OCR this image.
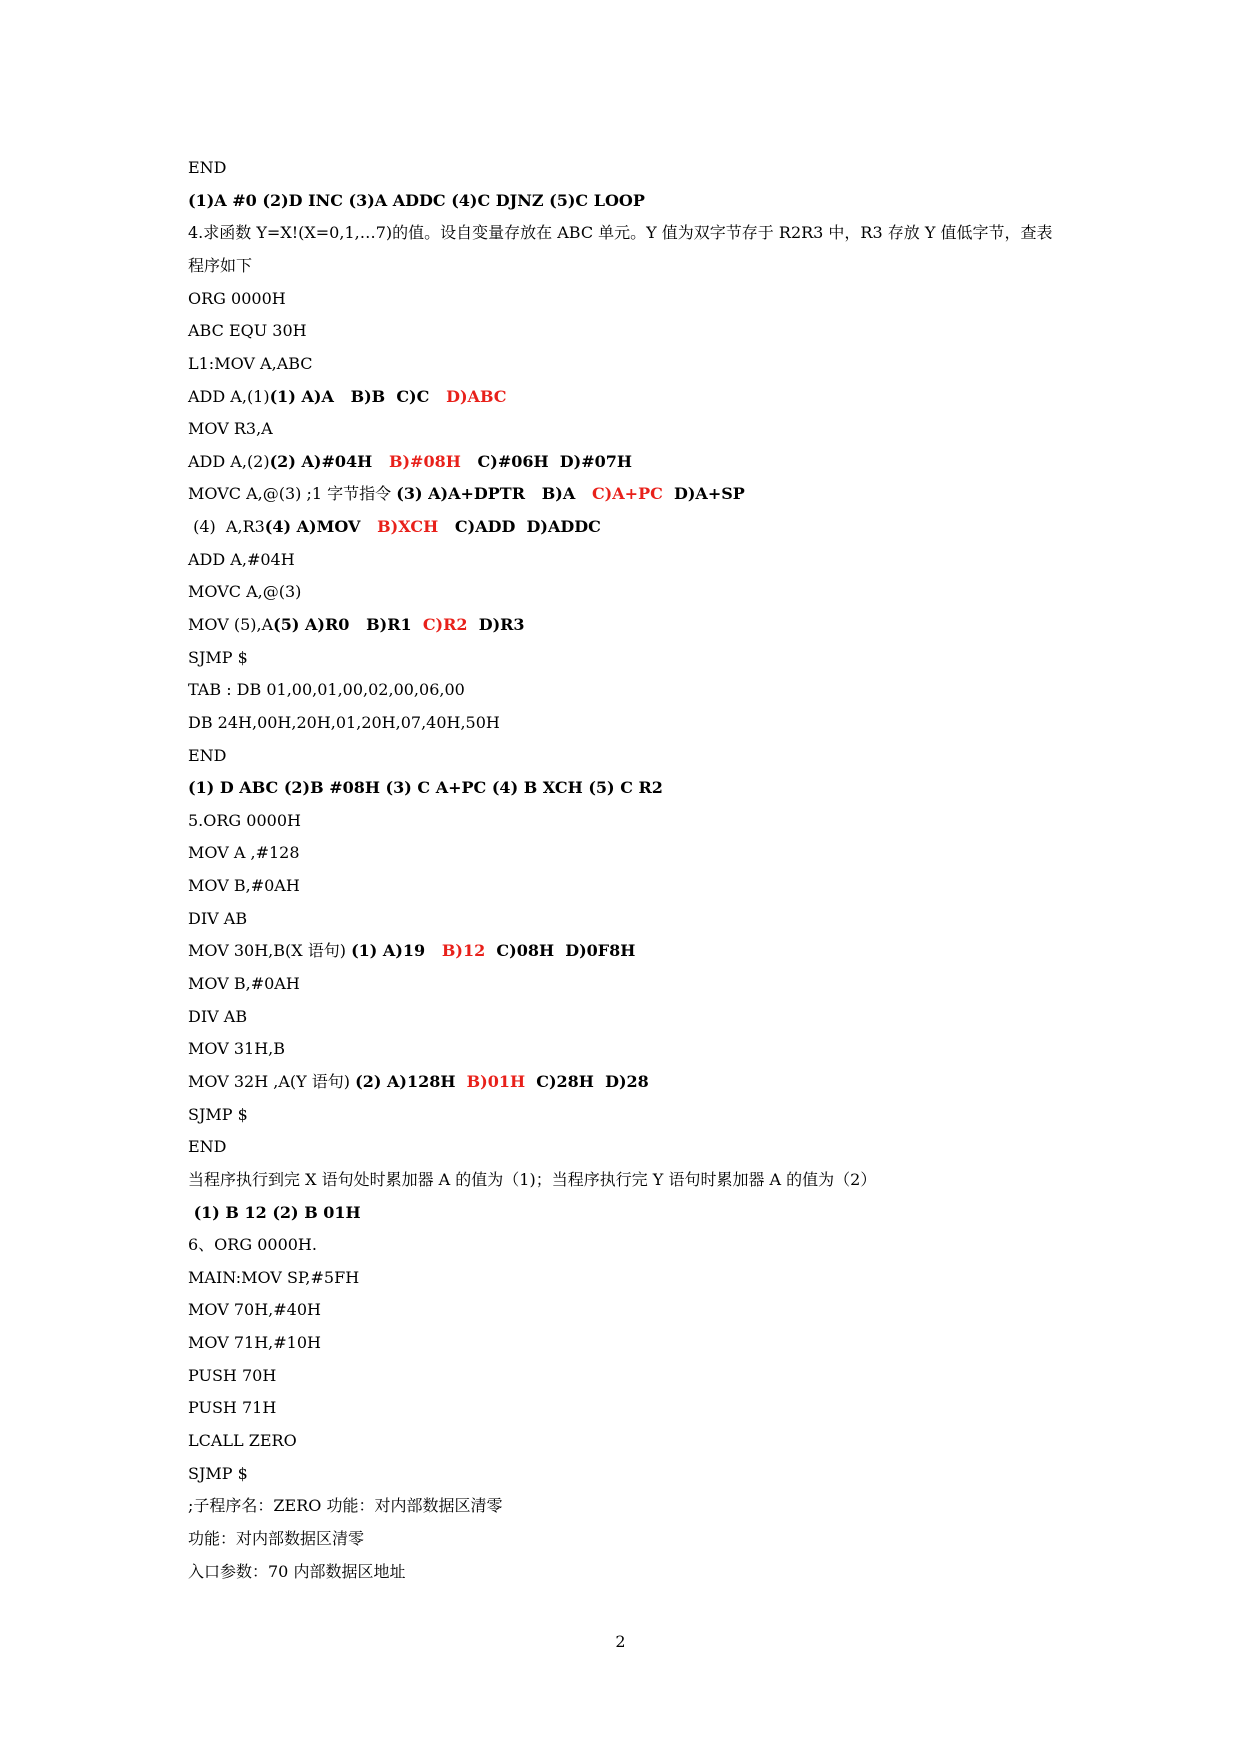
END
(1)A #0 (2)D INC (3)A ADDC (4)C DJNZ (5)C LOOP
4.求函数 Y=X!(X=0,1,…7)的值。设自变量存放在 ABC 单元。Y 值为双字节存于 R2R3 中，R3 存放 Y 值低字节，查表程序如下
ORG 0000H
ABC EQU 30H
L1:MOV A,ABC
ADD A,(1)(1) A)A   B)B  C)C   D)ABC
MOV R3,A
ADD A,(2)(2) A)#04H   B)#08H   C)#06H  D)#07H
MOVC A,@(3) ;1 字节指令 (3) A)A+DPTR   B)A   C)A+PC  D)A+SP
(4)  A,R3(4) A)MOV   B)XCH   C)ADD  D)ADDC
ADD A,#04H
MOVC A,@(3)
MOV (5),A(5) A)R0   B)R1  C)R2  D)R3
SJMP $
TAB : DB 01,00,01,00,02,00,06,00
DB 24H,00H,20H,01,20H,07,40H,50H
END
(1) D ABC (2)B #08H (3) C A+PC (4) B XCH (5) C R2
5.ORG 0000H
MOV A ,#128
MOV B,#0AH
DIV AB
MOV 30H,B(X 语句) (1) A)19   B)12  C)08H  D)0F8H
MOV B,#0AH
DIV AB
MOV 31H,B
MOV 32H ,A(Y 语句) (2) A)128H  B)01H  C)28H  D)28
SJMP $
END
当程序执行到完 X 语句处时累加器 A 的值为（1)；当程序执行完 Y 语句时累加器 A 的值为（2）
(1) B 12 (2) B 01H
6、ORG 0000H.
MAIN:MOV SP,#5FH
MOV 70H,#40H
MOV 71H,#10H
PUSH 70H
PUSH 71H
LCALL ZERO
SJMP $
;子程序名：ZERO 功能：对内部数据区清零
功能：对内部数据区清零
入口参数：70 内部数据区地址
2
